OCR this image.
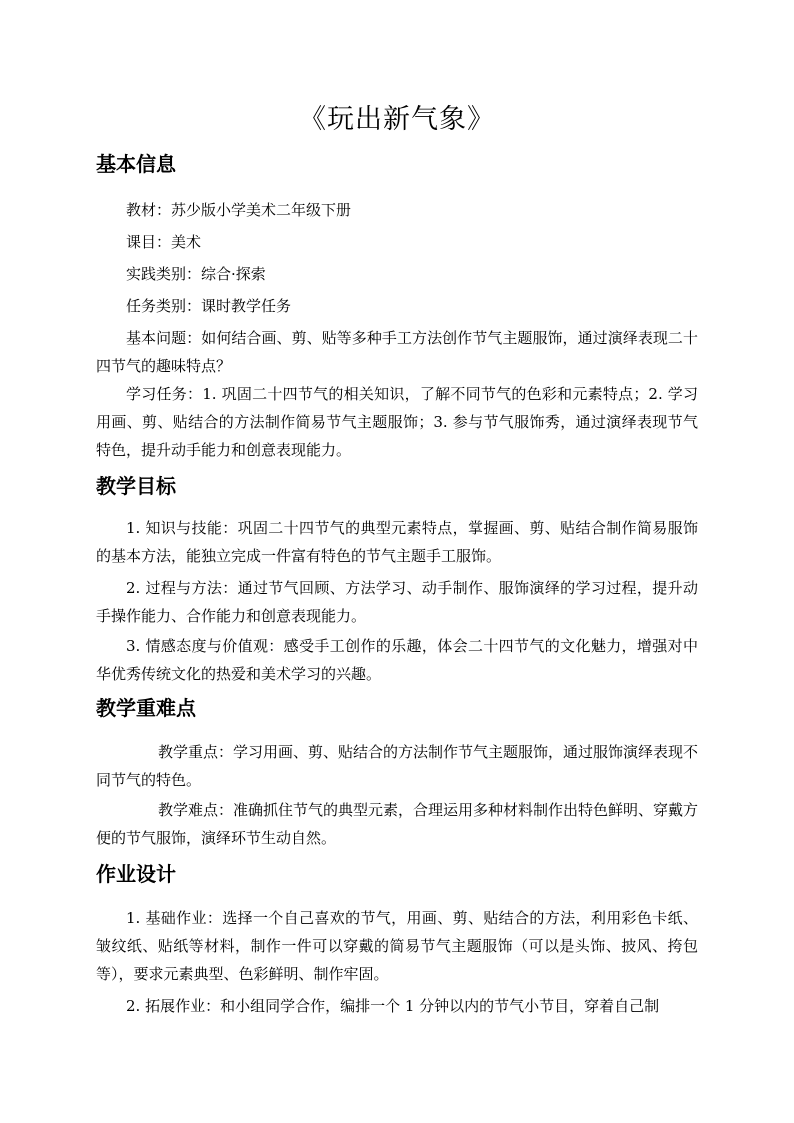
《玩出新气象》
基本信息

教材：苏少版小学美术二年级下册

课目：美术

实践类别：综合·探索

任务类别：课时教学任务

基本问题：如何结合画、剪、贴等多种手工方法创作节气主题服饰，通过演绎表现二十四节气的趣味特点？

学习任务：1. 巩固二十四节气的相关知识，了解不同节气的色彩和元素特点；2. 学习用画、剪、贴结合的方法制作简易节气主题服饰；3. 参与节气服饰秀，通过演绎表现节气特色，提升动手能力和创意表现能力。

教学目标

1. 知识与技能：巩固二十四节气的典型元素特点，掌握画、剪、贴结合制作简易服饰的基本方法，能独立完成一件富有特色的节气主题手工服饰。

2. 过程与方法：通过节气回顾、方法学习、动手制作、服饰演绎的学习过程，提升动手操作能力、合作能力和创意表现能力。

3. 情感态度与价值观：感受手工创作的乐趣，体会二十四节气的文化魅力，增强对中华优秀传统文化的热爱和美术学习的兴趣。

教学重难点

教学重点：学习用画、剪、贴结合的方法制作节气主题服饰，通过服饰演绎表现不同节气的特色。

教学难点：准确抓住节气的典型元素，合理运用多种材料制作出特色鲜明、穿戴方便的节气服饰，演绎环节生动自然。

作业设计

1. 基础作业：选择一个自己喜欢的节气，用画、剪、贴结合的方法，利用彩色卡纸、皱纹纸、贴纸等材料，制作一件可以穿戴的简易节气主题服饰（可以是头饰、披风、挎包等），要求元素典型、色彩鲜明、制作牢固。

2. 拓展作业：和小组同学合作，编排一个 1 分钟以内的节气小节目，穿着自己制
